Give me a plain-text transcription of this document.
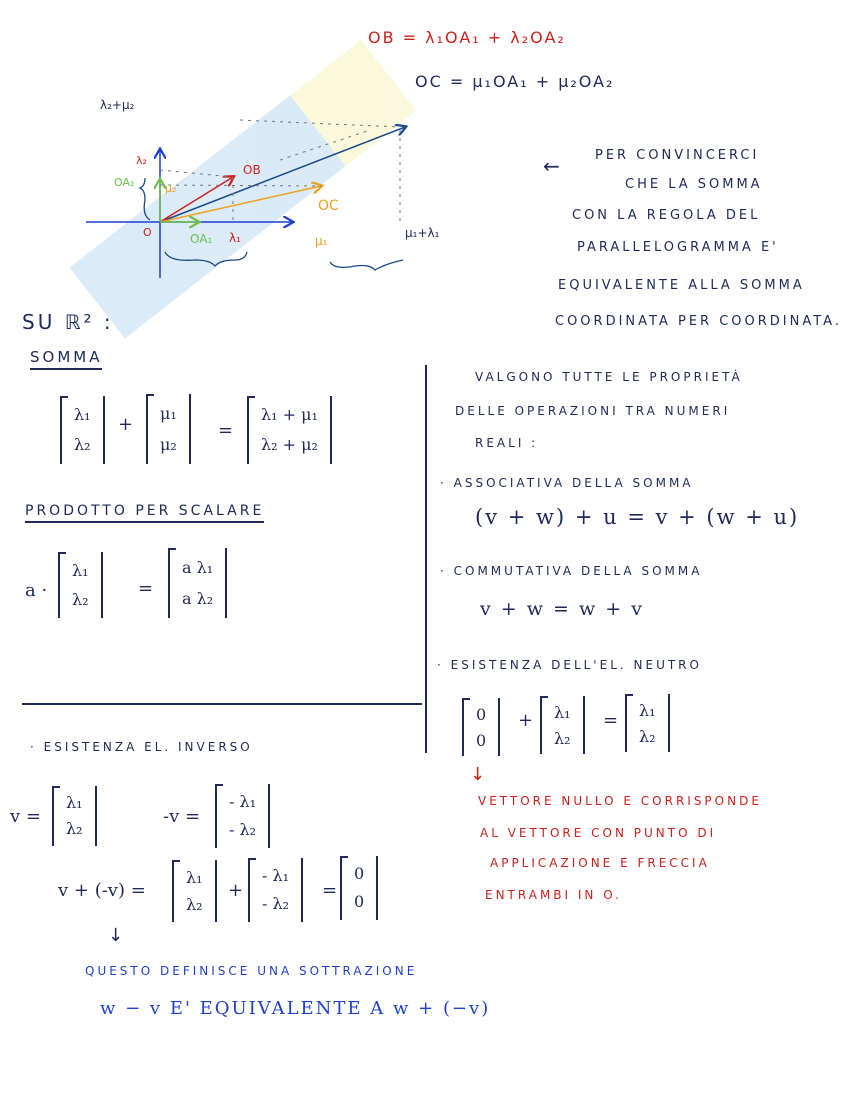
OB = λ₁OA₁ + λ₂OA₂
OC = μ₁OA₁ + μ₂OA₂
λ₂+μ₂
λ₂
OA₂	μ₂
OB
OC
O	OA₁ λ₁	μ₁
μ₁+λ₁
← PER CONVINCERCI
CHE LA SOMMA
CON LA REGOLA DEL
PARALLELOGRAMMA E'
EQUIVALENTE ALLA SOMMA
COORDINATA PER COORDINATA.
SU ℝ² :
SOMMA
λ₁
λ₂
+
μ₁
μ₂
=
λ₁ + μ₁
λ₂ + μ₂
PRODOTTO PER SCALARE
a ·
λ₁
λ₂	=
a λ₁
a λ₂
VALGONO TUTTE LE PROPRIETÀ
DELLE OPERAZIONI TRA NUMERI
REALI :
· ASSOCIATIVA DELLA SOMMA
(v + w) + u = v + (w + u)
· COMMUTATIVA DELLA SOMMA
v + w = w + v
· ESISTENZA DELL'EL. NEUTRO
0
0
+ λ₁
λ₂
= λ₁
λ₂
↓
VETTORE NULLO E CORRISPONDE
AL VETTORE CON PUNTO DI
APPLICAZIONE E FRECCIA
ENTRAMBI IN O.
· ESISTENZA EL. INVERSO
v =
λ₁
λ₂
-v =
- λ₁
- λ₂
v + (-v) =
λ₁
λ₂
+
- λ₁
- λ₂
=
0
0
↓
QUESTO DEFINISCE UNA SOTTRAZIONE
w − v E' EQUIVALENTE A w + (−v)
